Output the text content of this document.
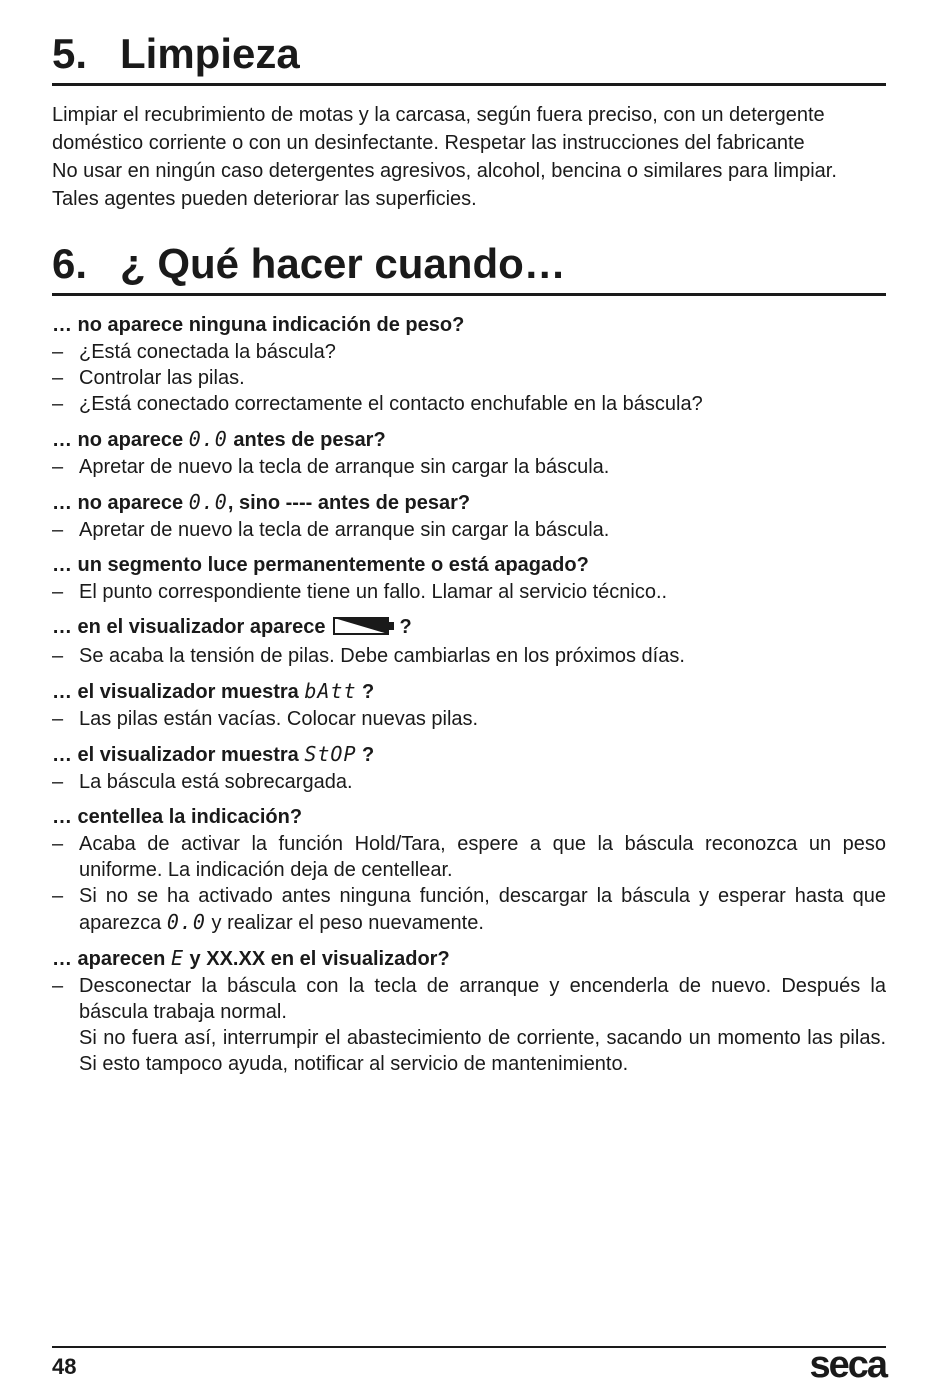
5. Limpieza

Limpiar el recubrimiento de motas y la carcasa, según fuera preciso, con un detergente doméstico corriente o con un desinfectante. Respetar las instrucciones del fabricante

No usar en ningún caso detergentes agresivos, alcohol, bencina o similares para limpiar. Tales agentes pueden deteriorar las superficies.

6. ¿ Qué hacer cuando…
… no aparece ninguna indicación de peso?
– ¿Está conectada la báscula?
– Controlar las pilas.
– ¿Está conectado correctamente el contacto enchufable en la báscula?
… no aparece 0.0 antes de pesar?
– Apretar de nuevo la tecla de arranque sin cargar la báscula.
… no aparece 0.0, sino ---- antes de pesar?
– Apretar de nuevo la tecla de arranque sin cargar la báscula.
… un segmento luce permanentemente o está apagado?
– El punto correspondiente tiene un fallo. Llamar al servicio técnico..
… en el visualizador aparece	?
– Se acaba la tensión de pilas. Debe cambiarlas en los próximos días.
… el visualizador muestra bAtt ?
– Las pilas están vacías. Colocar nuevas pilas.
… el visualizador muestra StOP ?
– La báscula está sobrecargada.
… centellea la indicación?
– Acaba de activar la función Hold/Tara, espere a que la báscula reconozca un peso uniforme. La indicación deja de centellear.
– Si no se ha activado antes ninguna función, descargar la báscula y esperar hasta que aparezca 0.0 y realizar el peso nuevamente.
… aparecen E y XX.XX en el visualizador?
– Desconectar la báscula con la tecla de arranque y encenderla de nuevo. Después la báscula trabaja normal.
Si no fuera así, interrumpir el abastecimiento de corriente, sacando un momento las pilas. Si esto tampoco ayuda, notificar al servicio de mantenimiento.
48	seca
